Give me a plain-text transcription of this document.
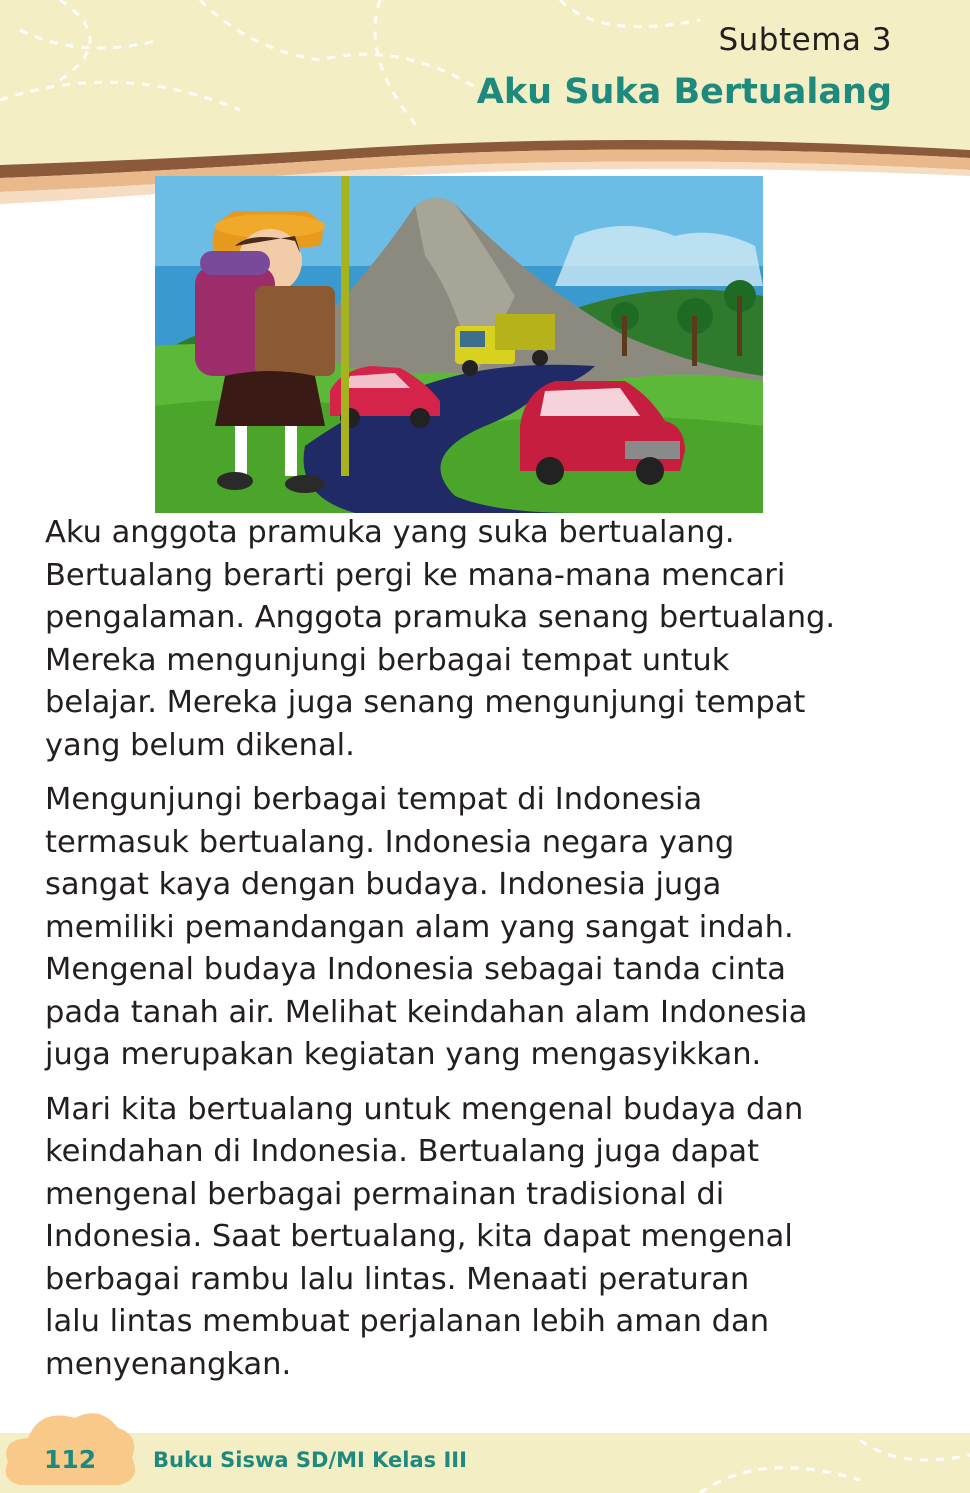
Subtema 3
Aku Suka Bertualang

Aku anggota pramuka yang suka bertualang.
Bertualang berarti pergi ke mana-mana mencari
pengalaman. Anggota pramuka senang bertualang.
Mereka mengunjungi berbagai tempat untuk
belajar. Mereka juga senang mengunjungi tempat
yang belum dikenal.

Mengunjungi berbagai tempat di Indonesia
termasuk bertualang. Indonesia negara yang
sangat kaya dengan budaya. Indonesia juga
memiliki pemandangan alam yang sangat indah.
Mengenal budaya Indonesia sebagai tanda cinta
pada tanah air. Melihat keindahan alam Indonesia
juga merupakan kegiatan yang mengasyikkan.

Mari kita bertualang untuk mengenal budaya dan
keindahan di Indonesia. Bertualang juga dapat
mengenal berbagai permainan tradisional di
Indonesia. Saat bertualang, kita dapat mengenal
berbagai rambu lalu lintas. Menaati peraturan
lalu lintas membuat perjalanan lebih aman dan
menyenangkan.

112	Buku Siswa SD/MI Kelas III
